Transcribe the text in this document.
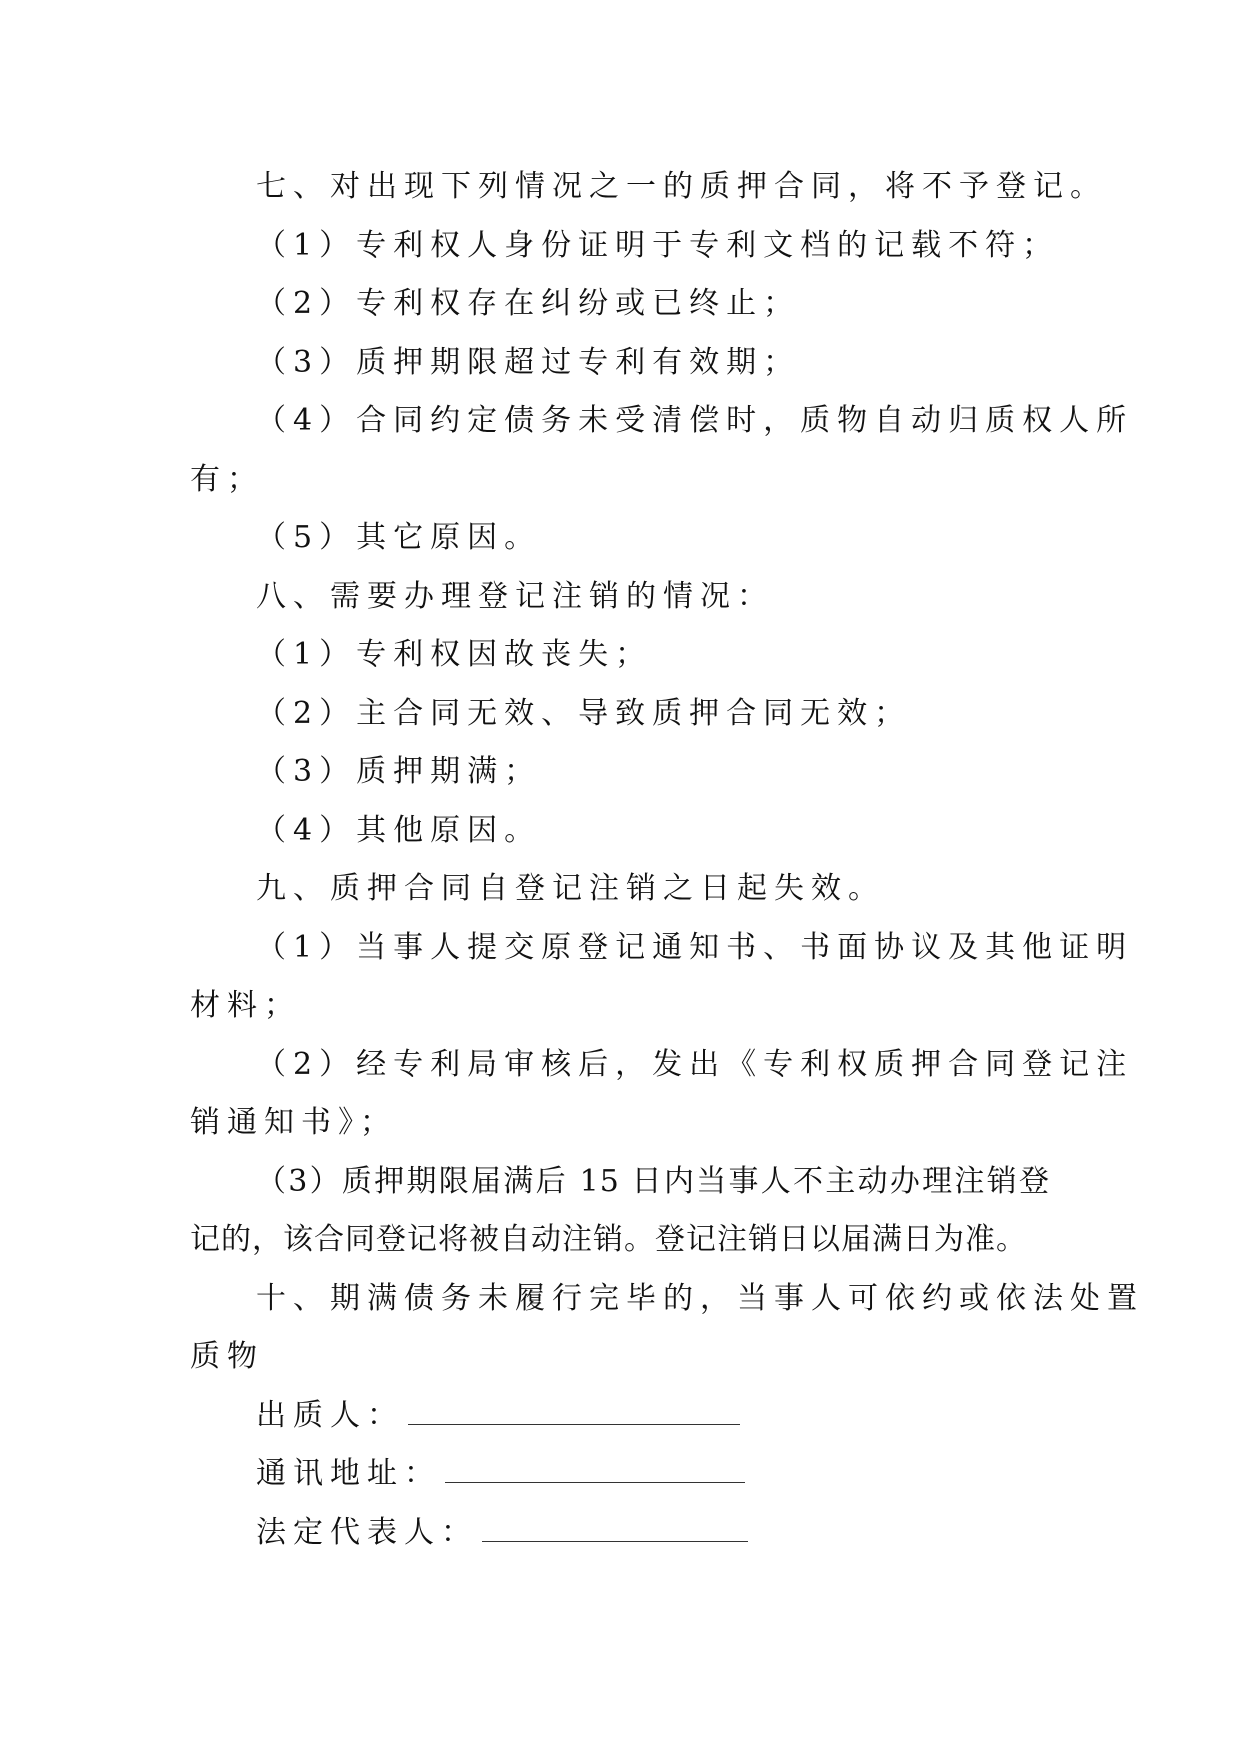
七、对出现下列情况之一的质押合同，将不予登记。
（1）专利权人身份证明于专利文档的记载不符；
（2）专利权存在纠纷或已终止；
（3）质押期限超过专利有效期；
（4）合同约定债务未受清偿时，质物自动归质权人所
有；
（5）其它原因。
八、需要办理登记注销的情况：
（1）专利权因故丧失；
（2）主合同无效、导致质押合同无效；
（3）质押期满；
（4）其他原因。
九、质押合同自登记注销之日起失效。
（1）当事人提交原登记通知书、书面协议及其他证明
材料；
（2）经专利局审核后，发出《专利权质押合同登记注
销通知书》；
（3）质押期限届满后 15 日内当事人不主动办理注销登
记的，该合同登记将被自动注销。登记注销日以届满日为准。
十、期满债务未履行完毕的，当事人可依约或依法处置
质物
出质人：
通讯地址：
法定代表人：
